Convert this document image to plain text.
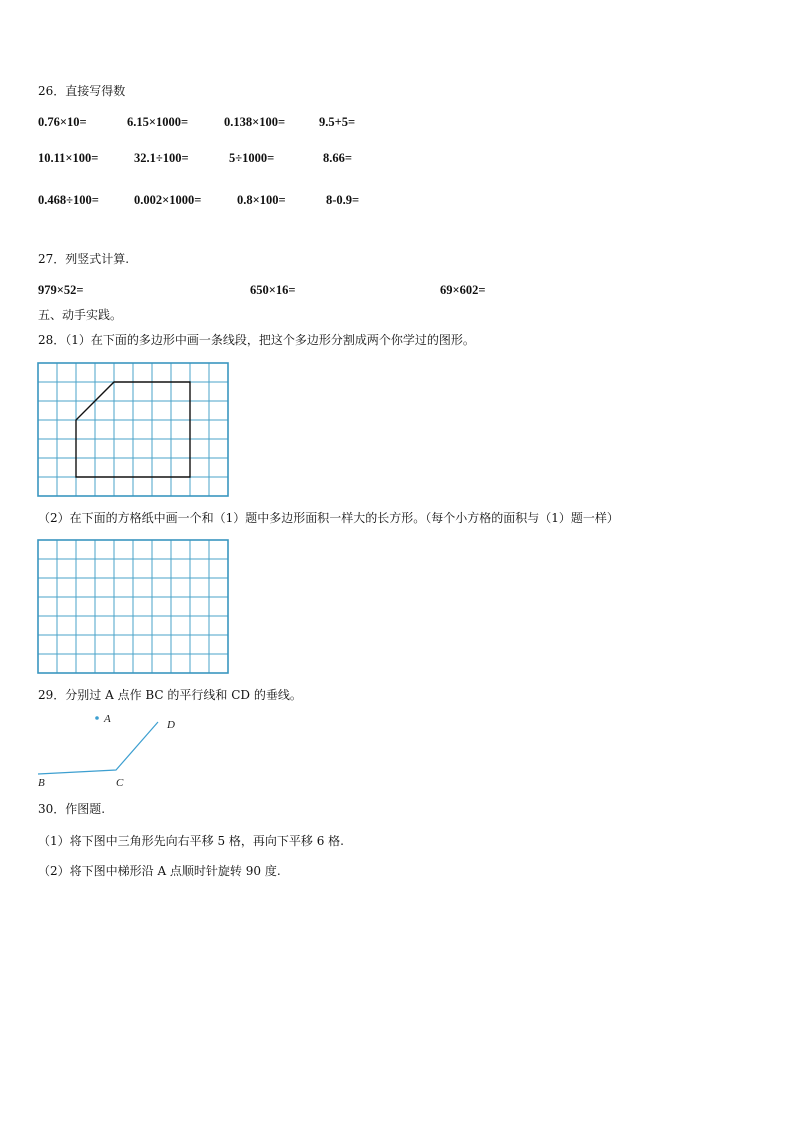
26．直接写得数
0.76×10=	6.15×1000=	0.138×100=	9.5+5=
10.11×100=	32.1÷100=	5÷1000=	8.66=
0.468÷100=	0.002×1000=	0.8×100=	8-0.9=
27．列竖式计算.
979×52=	650×16=	69×602=
五、动手实践。
28．（1）在下面的多边形中画一条线段，把这个多边形分割成两个你学过的图形。
（2）在下面的方格纸中画一个和（1）题中多边形面积一样大的长方形。（每个小方格的面积与（1）题一样）
29．分别过 A 点作 BC 的平行线和 CD 的垂线。
A	D
B	C
30．作图题.
（1）将下图中三角形先向右平移 5 格，再向下平移 6 格.
（2）将下图中梯形沿 A 点顺时针旋转 90 度.
